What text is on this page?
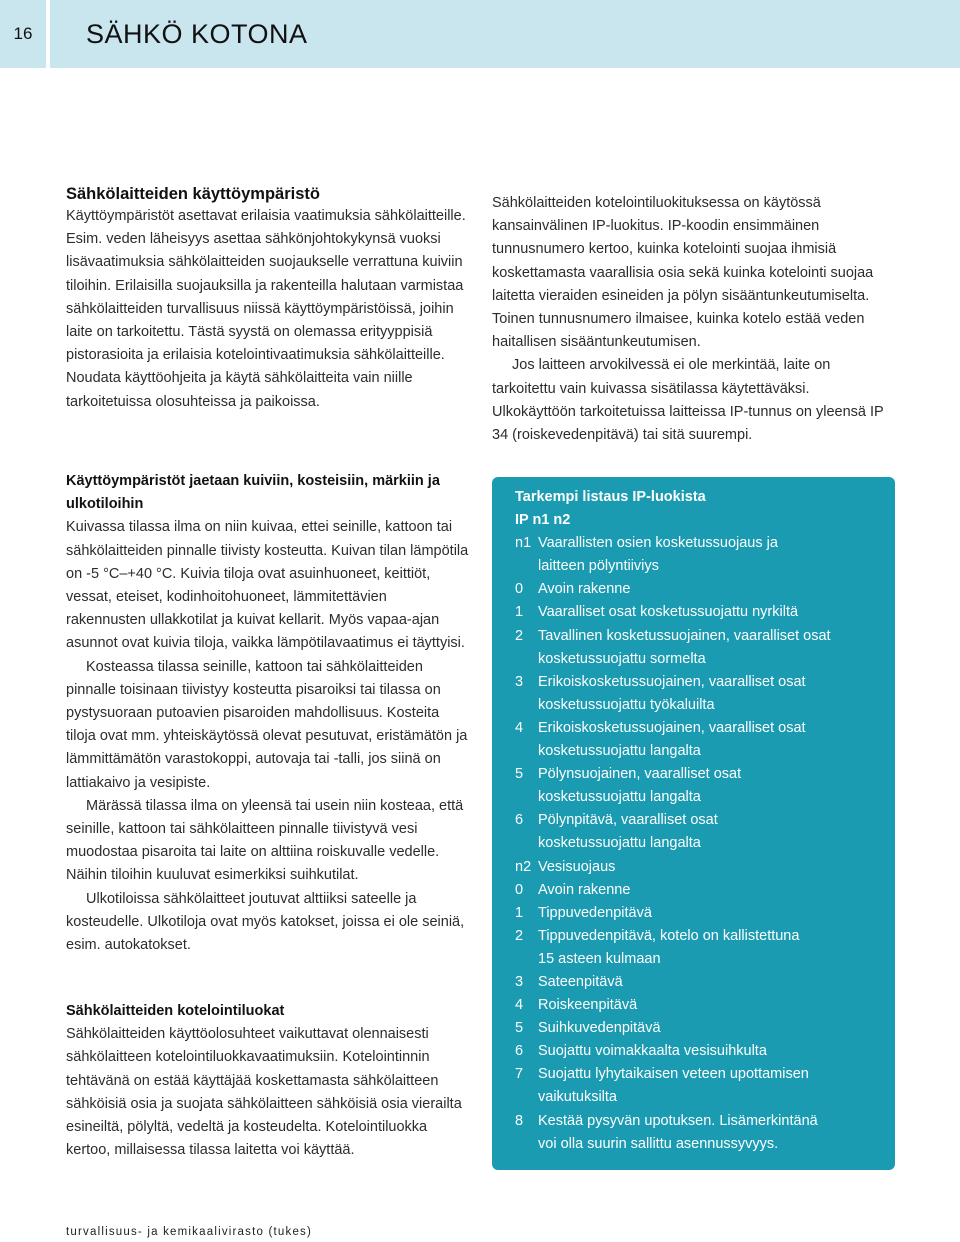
16 SÄHKÖ KOTONA
Sähkölaitteiden käyttöympäristö

Käyttöympäristöt asettavat erilaisia vaatimuksia sähkölaitteille. Esim. veden läheisyys asettaa sähkönjohtokykynsä vuoksi lisävaatimuksia sähkölaitteiden suojaukselle verrattuna kuiviin tiloihin. Erilaisilla suojauksilla ja rakenteilla halutaan varmistaa sähkölaitteiden turvallisuus niissä käyttöympäristöissä, joihin laite on tarkoitettu. Tästä syystä on olemassa erityyppisiä pistorasioita ja erilaisia kotelointivaatimuksia sähkölaitteille. Noudata käyttöohjeita ja käytä sähkölaitteita vain niille tarkoitetuissa olosuhteissa ja paikoissa.

Käyttöympäristöt jaetaan kuiviin, kosteisiin, märkiin ja ulkotiloihin

Kuivassa tilassa ilma on niin kuivaa, ettei seinille, kattoon tai sähkölaitteiden pinnalle tiivisty kosteutta. Kuivan tilan lämpötila on -5 °C–+40 °C. Kuivia tiloja ovat asuinhuoneet, keittiöt, vessat, eteiset, kodinhoitohuoneet, lämmitettävien rakennusten ullakkotilat ja kuivat kellarit. Myös vapaa-ajan asunnot ovat kuivia tiloja, vaikka lämpötilavaatimus ei täyttyisi.

Kosteassa tilassa seinille, kattoon tai sähkölaitteiden pinnalle toisinaan tiivistyy kosteutta pisaroiksi tai tilassa on pystysuoraan putoavien pisaroiden mahdollisuus. Kosteita tiloja ovat mm. yhteiskäytössä olevat pesutuvat, eristämätön ja lämmittämätön varastokoppi, autovaja tai -talli, jos siinä on lattiakaivo ja vesipiste.

Märässä tilassa ilma on yleensä tai usein niin kosteaa, että seinille, kattoon tai sähkölaitteen pinnalle tiivistyvä vesi muodostaa pisaroita tai laite on alttiina roiskuvalle vedelle. Näihin tiloihin kuuluvat esimerkiksi suihkutilat.

Ulkotiloissa sähkölaitteet joutuvat alttiiksi sateelle ja kosteudelle. Ulkotiloja ovat myös katokset, joissa ei ole seiniä, esim. autokatokset.

Sähkölaitteiden kotelointiluokat

Sähkölaitteiden käyttöolosuhteet vaikuttavat olennaisesti sähkölaitteen kotelointiluokkavaatimuksiin. Kotelointinnin tehtävänä on estää käyttäjää koskettamasta sähkölaitteen sähköisiä osia ja suojata sähkölaitteen sähköisiä osia vierailta esineiltä, pölyltä, vedeltä ja kosteudelta. Kotelointiluokka kertoo, millaisessa tilassa laitetta voi käyttää.

Sähkölaitteiden kotelointiluokituksessa on käytössä kansainvälinen IP-luokitus. IP-koodin ensimmäinen tunnusnumero kertoo, kuinka kotelointi suojaa ihmisiä koskettamasta vaarallisia osia sekä kuinka kotelointi suojaa laitetta vieraiden esineiden ja pölyn sisääntunkeutumiselta. Toinen tunnusnumero ilmaisee, kuinka kotelo estää veden haitallisen sisääntunkeutumisen.

Jos laitteen arvokilvessä ei ole merkintää, laite on tarkoitettu vain kuivassa sisätilassa käytettäväksi. Ulkokäyttöön tarkoitetuissa laitteissa IP-tunnus on yleensä IP 34 (roiskevedenpitävä) tai sitä suurempi.

Tarkempi listaus IP-luokista
IP n1 n2
n1 Vaarallisten osien kosketussuojaus ja
laitteen pölyntiiviys
0	Avoin rakenne
1	Vaaralliset osat kosketussuojattu nyrkiltä
2	Tavallinen kosketussuojainen, vaaralliset osat
kosketussuojattu sormelta
3	Erikoiskosketussuojainen, vaaralliset osat
kosketussuojattu työkaluilta
4	Erikoiskosketussuojainen, vaaralliset osat
kosketussuojattu langalta
5	Pölynsuojainen, vaaralliset osat
kosketussuojattu langalta
6	Pölynpitävä, vaaralliset osat
kosketussuojattu langalta
n2 Vesisuojaus
0	Avoin rakenne
1	Tippuvedenpitävä
2	Tippuvedenpitävä, kotelo on kallistettuna
15 asteen kulmaan
3	Sateenpitävä
4	Roiskeenpitävä
5	Suihkuvedenpitävä
6	Suojattu voimakkaalta vesisuihkulta
7	Suojattu lyhytaikaisen veteen upottamisen
vaikutuksilta
8	Kestää pysyvän upotuksen. Lisämerkintänä
voi olla suurin sallittu asennussyvyys.
turvallisuus- ja kemikaalivirasto (tukes)
